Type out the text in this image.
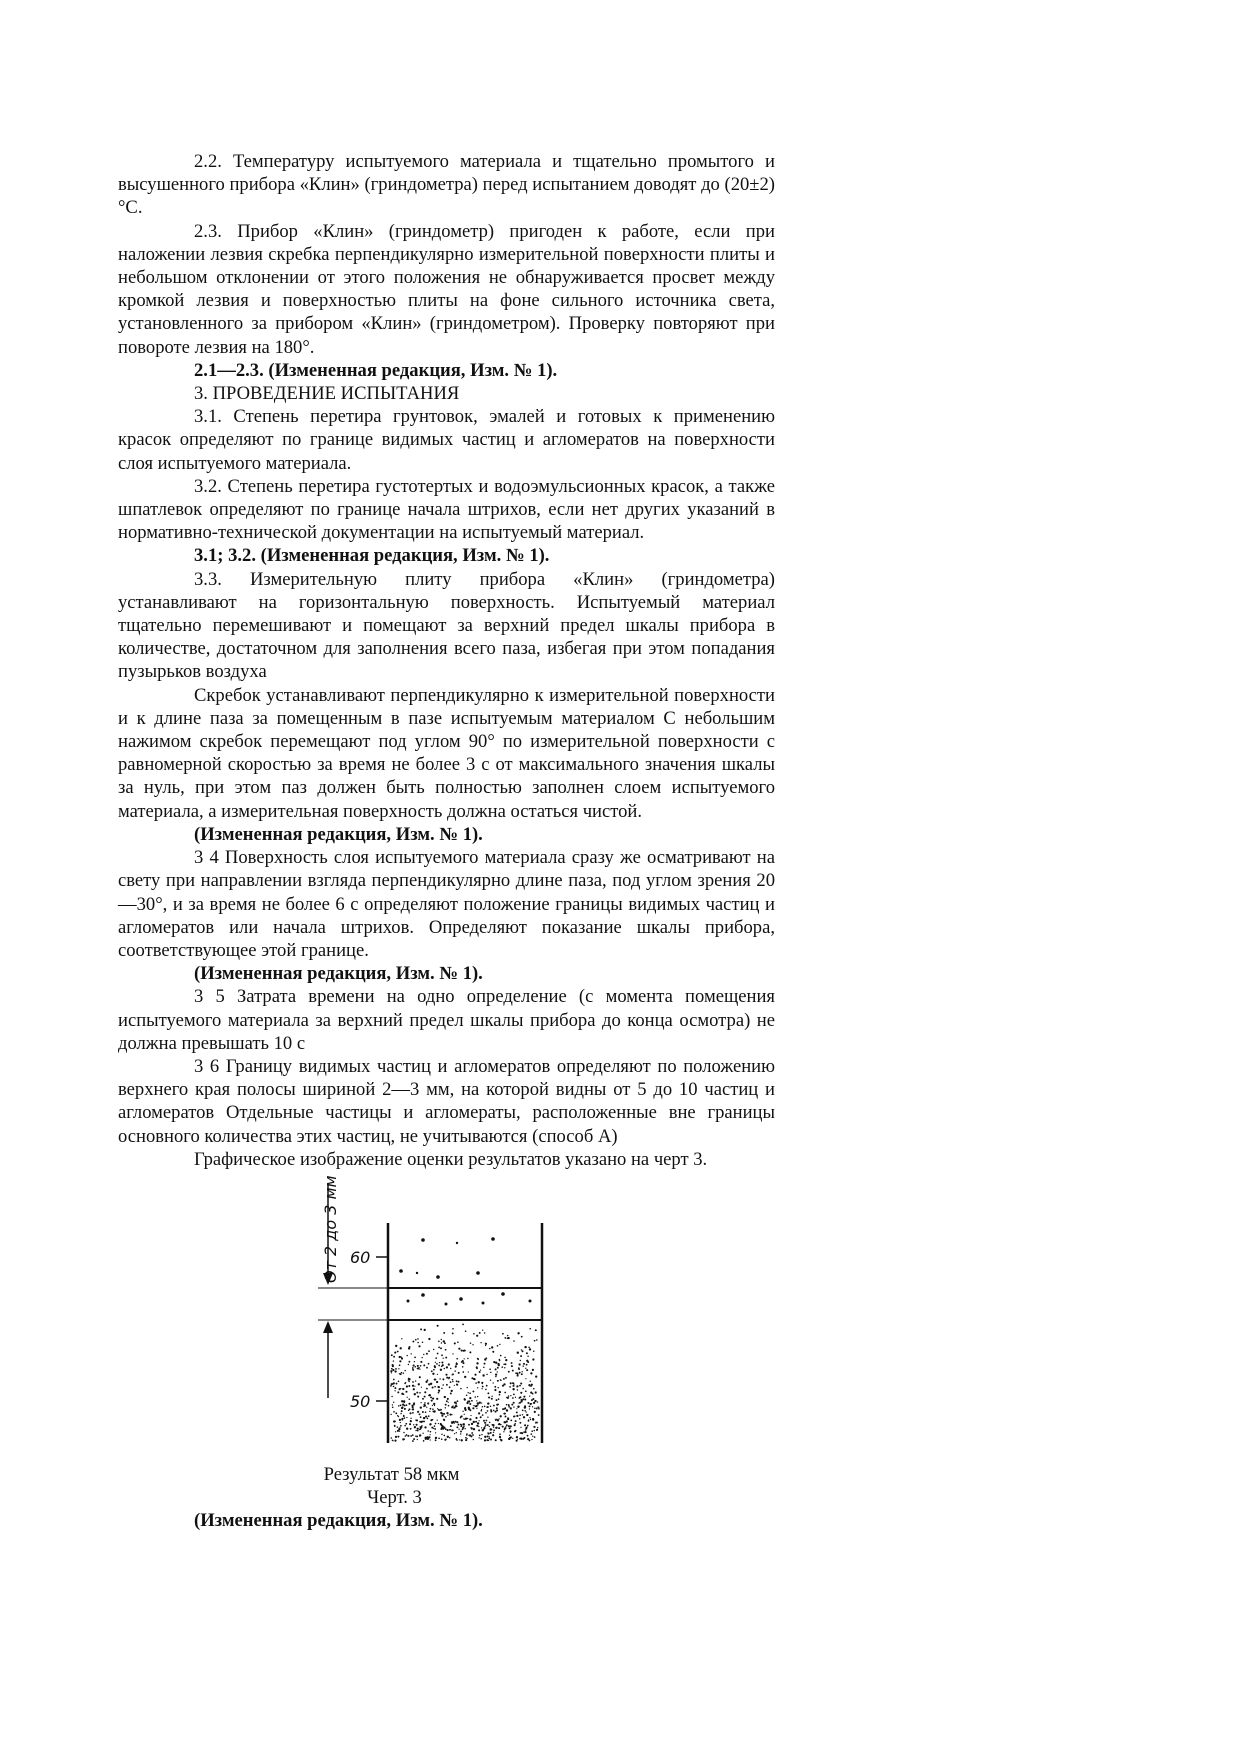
2.2. Температуру испытуемого материала и тщательно промытого и высушенного прибора «Клин» (гриндометра) перед испытанием доводят до (20±2)°С.

2.3. Прибор «Клин» (гриндометр) пригоден к работе, если при наложении лезвия скребка перпендикулярно измерительной поверхности плиты и небольшом отклонении от этого положения не обнаруживается просвет между кромкой лезвия и поверхностью плиты на фоне сильного источника света, установленного за прибором «Клин» (гриндометром). Проверку повторяют при повороте лезвия на 180°.

2.1—2.3. (Измененная редакция, Изм. № 1).

3. ПРОВЕДЕНИЕ ИСПЫТАНИЯ

3.1. Степень перетира грунтовок, эмалей и готовых к применению красок определяют по границе видимых частиц и агломератов на поверхности слоя испытуемого материала.

3.2. Степень перетира густотертых и водоэмульсионных красок, а также шпатлевок определяют по границе начала штрихов, если нет других указаний в нормативно-технической документации на испытуемый материал.

3.1; 3.2. (Измененная редакция, Изм. № 1).

3.3. Измерительную плиту прибора «Клин» (гриндометра) устанавливают на горизонтальную поверхность. Испытуемый материал тщательно перемешивают и помещают за верхний предел шкалы прибора в количестве, достаточном для заполнения всего паза, избегая при этом попадания пузырьков воздуха

Скребок устанавливают перпендикулярно к измерительной поверхности и к длине паза за помещенным в пазе испытуемым материалом С небольшим нажимом скребок перемещают под углом 90° по измерительной поверхности с равномерной скоростью за время не более 3 с от максимального значения шкалы за нуль, при этом паз должен быть полностью заполнен слоем испытуемого материала, а измерительная поверхность должна остаться чистой.

(Измененная редакция, Изм. № 1).

3 4 Поверхность слоя испытуемого материала сразу же осматривают на свету при направлении взгляда перпендикулярно длине паза, под углом зрения 20—30°, и за время не более 6 с определяют положение границы видимых частиц и агломератов или начала штрихов. Определяют показание шкалы прибора, соответствующее этой границе.

(Измененная редакция, Изм. № 1).

3 5 Затрата времени на одно определение (с момента помещения испытуемого материала за верхний предел шкалы прибора до конца осмотра) не должна превышать 10 с

3 6 Границу видимых частиц и агломератов определяют по положению верхнего края полосы шириной 2—3 мм, на которой видны от 5 до 10 частиц и агломератов Отдельные частицы и агломераты, расположенные вне границы основного количества этих частиц, не учитываются (способ А)

Графическое изображение оценки результатов указано на черт 3.

От 2 до 3 мм 60
50

Результат 58 мкм

Черт. 3

(Измененная редакция, Изм. № 1).
